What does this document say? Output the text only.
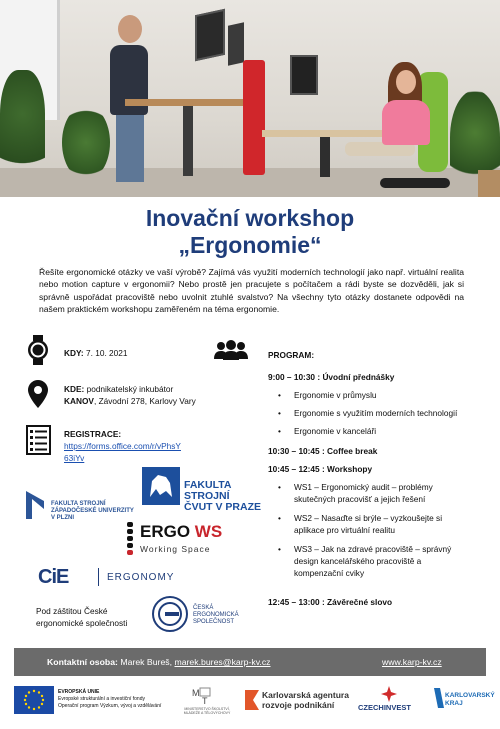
Inovační workshop
„Ergonomie“
Řešíte ergonomické otázky ve vaší výrobě? Zajímá vás využití moderních technologií jako např. virtuální realita nebo motion capture v ergonomii? Nebo prostě jen pracujete s počítačem a rádi byste se dozvěděli, jak si správně uspořádat pracoviště nebo uvolnit ztuhlé svalstvo? Na všechny tyto otázky dostanete odpovědi na našem praktickém workshopu zaměřeném na téma ergonomie.
KDY: 7. 10. 2021
KDE: podnikatelský inkubátor
KANOV, Závodní 278, Karlovy Vary
REGISTRACE:
https://forms.office.com/r/vPhsY
63iYv
PROGRAM:
9:00 – 10:30 : Úvodní přednášky
• Ergonomie v průmyslu
• Ergonomie s využitím moderních technologií
• Ergonomie v kanceláři
10:30 – 10:45 : Coffee break
10:45 – 12:45 : Workshopy
• WS1 – Ergonomický audit – problémy
skutečných pracovišť a jejich řešení
• WS2 – Nasaďte si brýle – vyzkoušejte si
aplikace pro virtuální realitu
• WS3 – Jak na zdravé pracoviště – správný
design kancelářského pracoviště a
kompenzační cviky
12:45 – 13:00 : Závěrečné slovo
FAKULTA STROJNÍ
ZÁPADOČESKÉ UNIVERZITY
V PLZNI
FAKULTA
STROJNÍ
ČVUT V PRAZE
ERGO WS
Working Space
CiE	ERGONOMY
Pod záštitou České
ergonomické společnosti
ČESKÁ
ERGONOMICKÁ
SPOLEČNOST
Kontaktní osoba: Marek Bureš, marek.bures@karp-kv.cz	www.karp-kv.cz
EVROPSKÁ UNIE
Evropské strukturální a investiční fondy
Operační program Výzkum, vývoj a vzdělávání
M
T
MINISTERSTVO ŠKOLSTVÍ,
MLÁDEŽE A TĚLOVÝCHOVY
Karlovarská agentura
rozvoje podnikání	CZECHINVEST
KARLOVARSKÝ
KRAJ
